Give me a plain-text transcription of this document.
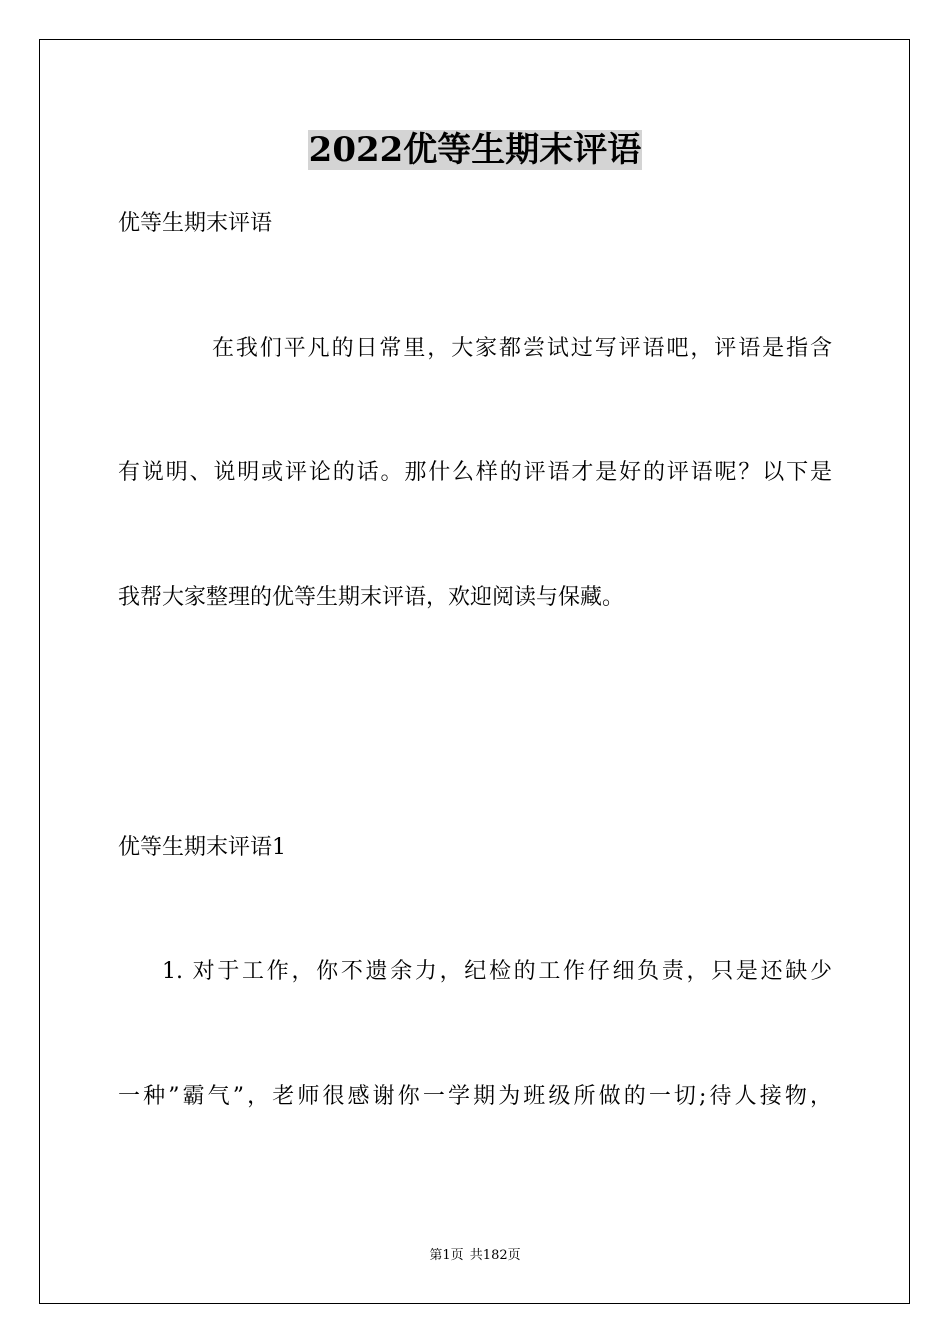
2022优等生期末评语
优等生期末评语
在我们平凡的日常里，大家都尝试过写评语吧，评语是指含
有说明、说明或评论的话。那什么样的评语才是好的评语呢？以下是
我帮大家整理的优等生期末评语，欢迎阅读与保藏。
优等生期末评语1
1. 对于工作，你不遗余力，纪检的工作仔细负责，只是还缺少
一种”霸气”，老师很感谢你一学期为班级所做的一切;待人接物，
第1页 共182页
